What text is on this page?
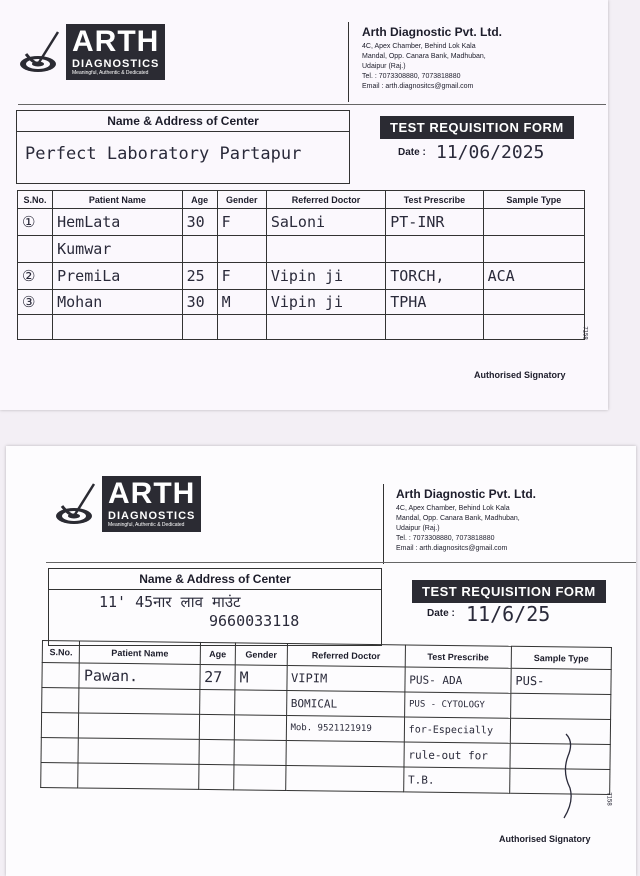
ARTH
DIAGNOSTICS
Meaningful, Authentic & Dedicated
Arth Diagnostic Pvt. Ltd.
4C, Apex Chamber, Behind Lok Kala
Mandal, Opp. Canara Bank, Madhuban,
Udaipur (Raj.)
Tel. : 7073308880, 7073818880
Email : arth.diagnositcs@gmail.com
Name & Address of Center
Perfect Laboratory Partapur
TEST REQUISITION FORM
Date : 11/06/2025
S.No.	Patient Name	Age	Gender	Referred Doctor	Test Prescribe	Sample Type
①	HemLata	30	F	SaLoni	PT-INR	
	Kumwar					
②	PremiLa	25	F	Vipin ji	TORCH,	ACA
③	Mohan	30	M	Vipin ji	TPHA	

7158
Authorised Signatory
ARTH
DIAGNOSTICS
Meaningful, Authentic & Dedicated
Arth Diagnostic Pvt. Ltd.
4C, Apex Chamber, Behind Lok Kala
Mandal, Opp. Canara Bank, Madhuban,
Udaipur (Raj.)
Tel. : 7073308880, 7073818880
Email : arth.diagnositcs@gmail.com
Name & Address of Center
11' 45नार लाव माउंट
9660033118
TEST REQUISITION FORM
Date : 11/6/25
S.No.	Patient Name	Age	Gender	Referred Doctor	Test Prescribe	Sample Type
	Pawan.	27	M	VIPIM	PUS- ADA	PUS-
				BOMICAL	PUS - CYTOLOGY	
				Mob. 9521121919	for-Especially	
					rule-out for	
					T.B.	
7158
Authorised Signatory
